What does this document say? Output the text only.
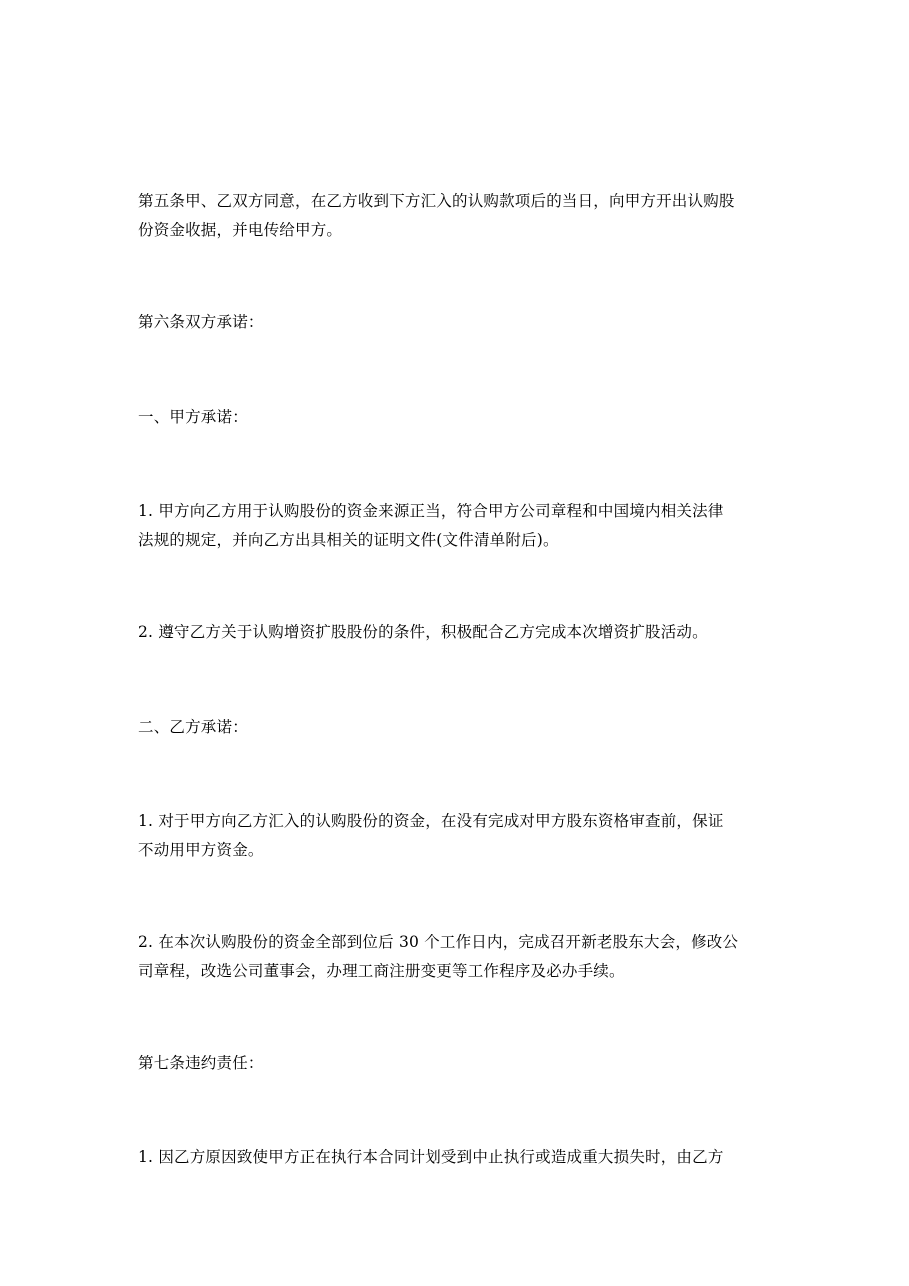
第五条甲、乙双方同意，在乙方收到下方汇入的认购款项后的当日，向甲方开出认购股
份资金收据，并电传给甲方。

第六条双方承诺：

一、甲方承诺：

1. 甲方向乙方用于认购股份的资金来源正当，符合甲方公司章程和中国境内相关法律
法规的规定，并向乙方出具相关的证明文件(文件清单附后)。

2. 遵守乙方关于认购增资扩股股份的条件，积极配合乙方完成本次增资扩股活动。

二、乙方承诺：

1. 对于甲方向乙方汇入的认购股份的资金，在没有完成对甲方股东资格审查前，保证
不动用甲方资金。

2. 在本次认购股份的资金全部到位后 30 个工作日内，完成召开新老股东大会，修改公
司章程，改选公司董事会，办理工商注册变更等工作程序及必办手续。

第七条违约责任：

1. 因乙方原因致使甲方正在执行本合同计划受到中止执行或造成重大损失时，由乙方
